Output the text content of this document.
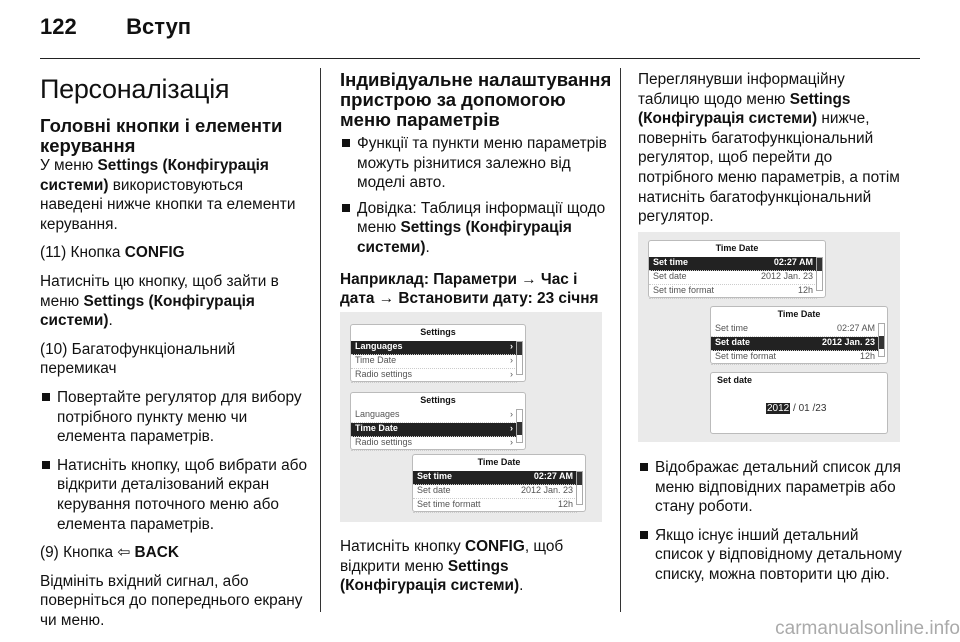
122 Вступ
Персоналізація
Головні кнопки і елементи керування

У меню Settings (Конфігурація системи) використовуються наведені нижче кнопки та елементи керування.

(11) Кнопка CONFIG

Натисніть цю кнопку, щоб зайти в меню Settings (Конфігурація системи).

(10) Багатофункціональний перемикач

Повертайте регулятор для вибору потрібного пункту меню чи елемента параметрів.
Натисніть кнопку, щоб вибрати або відкрити деталізований екран керування поточного меню або елемента параметрів.

(9) Кнопка ⇦ BACK

Відмініть вхідний сигнал, або поверніться до попереднього екрану чи меню.

Індивідуальне налаштування пристрою за допомогою меню параметрів
Функції та пункти меню параметрів можуть різнитися залежно від моделі авто.
Довідка: Таблиця інформації щодо меню Settings (Конфігурація системи).

Наприклад: Параметри → Час і дата → Встановити дату: 23 січня

Settings
Languages	›
Time Date	›
Radio settings	›
Settings
Languages	›
Time Date	›
Radio settings	›
Time Date
Set time	02:27 AM
Set date	2012 Jan. 23
Set time formatt	12h

Натисніть кнопку CONFIG, щоб відкрити меню Settings (Конфігурація системи).

Переглянувши інформаційну таблицю щодо меню Settings (Конфігурація системи) нижче, поверніть багатофункціональний регулятор, щоб перейти до потрібного меню параметрів, а потім натисніть багатофункціональний регулятор.

Time Date
Set time	02:27 AM
Set date	2012 Jan. 23
Set time format	12h
Time Date
Set time	02:27 AM
Set date	2012 Jan. 23
Set time format	12h
Set date
2012 / 01 /23
Відображає детальний список для меню відповідних параметрів або стану роботи.
Якщо існує інший детальний список у відповідному детальному списку, можна повторити цю дію.
carmanualsonline.info
